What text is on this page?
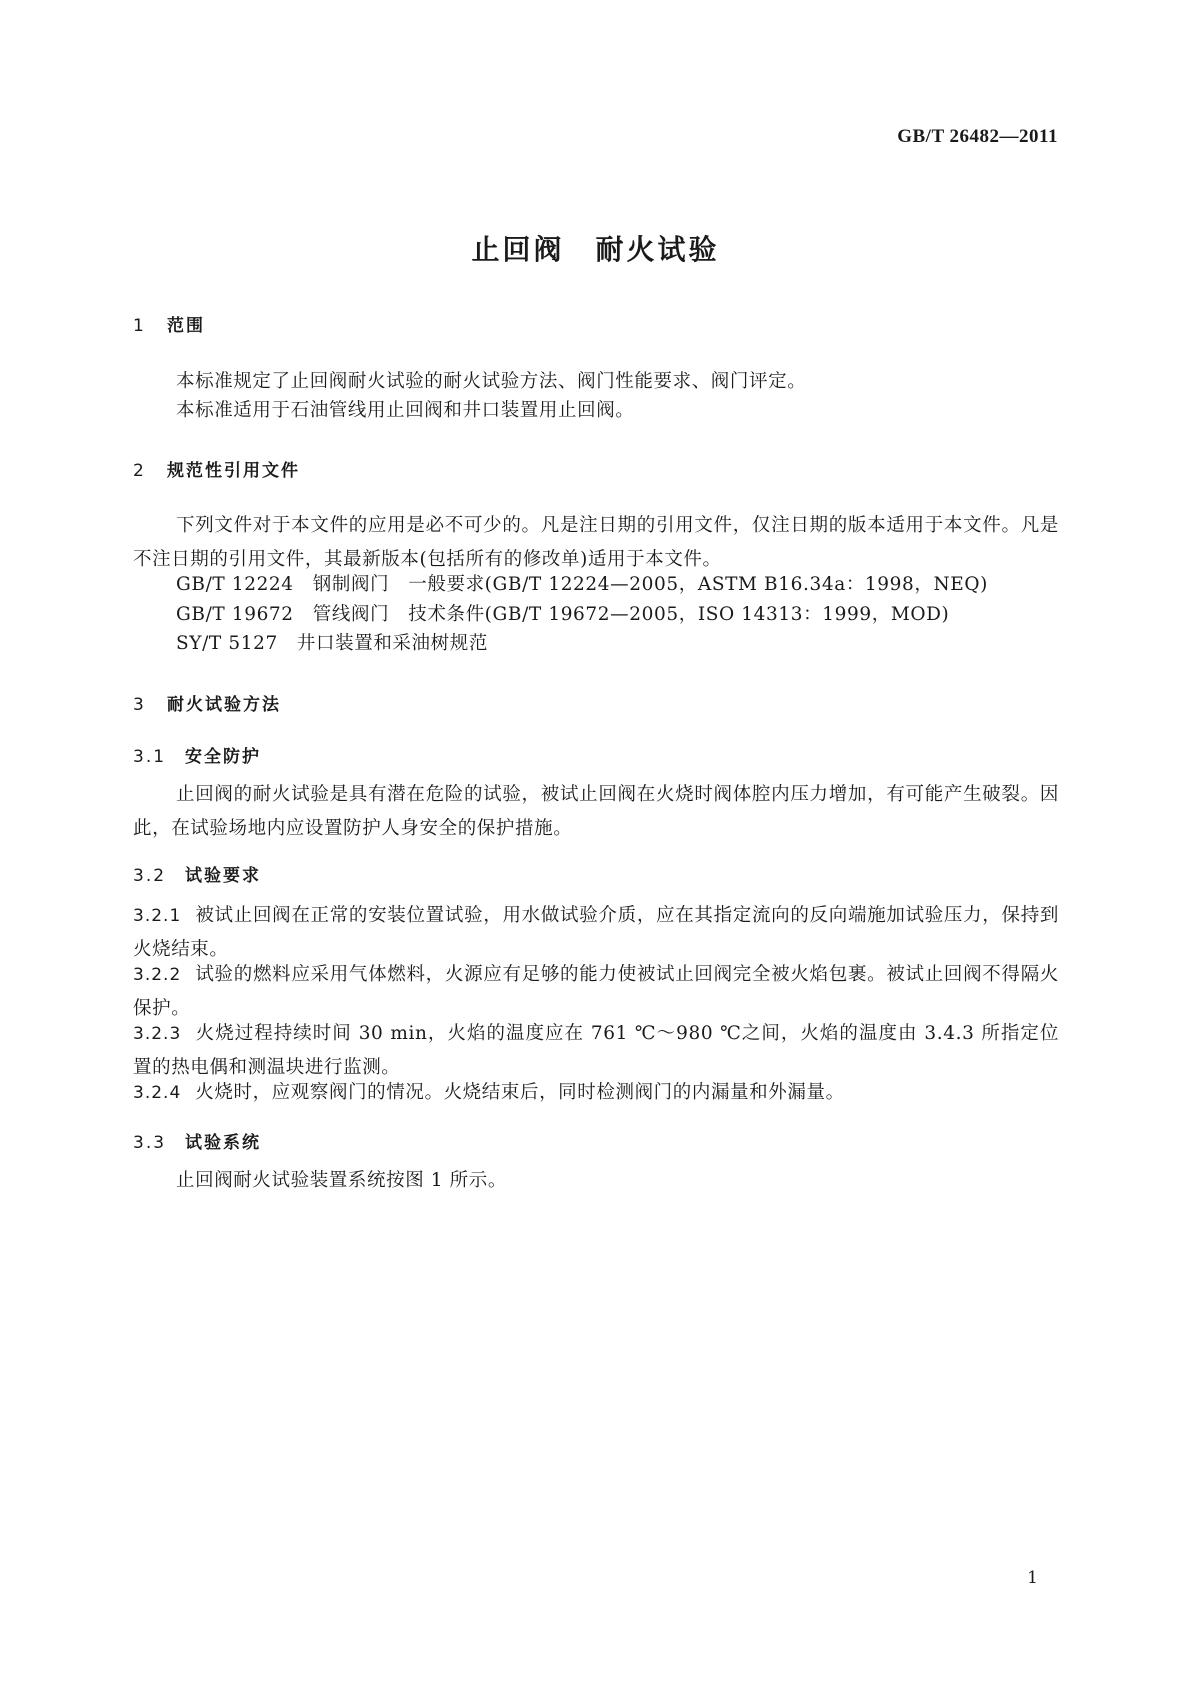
GB/T 26482—2011
止回阀　耐火试验
1 范围
本标准规定了止回阀耐火试验的耐火试验方法、阀门性能要求、阀门评定。
本标准适用于石油管线用止回阀和井口装置用止回阀。
2 规范性引用文件
下列文件对于本文件的应用是必不可少的。凡是注日期的引用文件，仅注日期的版本适用于本文件。凡是不注日期的引用文件，其最新版本(包括所有的修改单)适用于本文件。
GB/T 12224　钢制阀门　一般要求(GB/T 12224—2005，ASTM B16.34a：1998，NEQ)
GB/T 19672　管线阀门　技术条件(GB/T 19672—2005，ISO 14313：1999，MOD)
SY/T 5127　井口装置和采油树规范
3 耐火试验方法
3.1 安全防护
止回阀的耐火试验是具有潜在危险的试验，被试止回阀在火烧时阀体腔内压力增加，有可能产生破裂。因此，在试验场地内应设置防护人身安全的保护措施。
3.2 试验要求
3.2.1 被试止回阀在正常的安装位置试验，用水做试验介质，应在其指定流向的反向端施加试验压力，保持到火烧结束。
3.2.2 试验的燃料应采用气体燃料，火源应有足够的能力使被试止回阀完全被火焰包裹。被试止回阀不得隔火保护。
3.2.3 火烧过程持续时间 30 min，火焰的温度应在 761 ℃～980 ℃之间，火焰的温度由 3.4.3 所指定位置的热电偶和测温块进行监测。
3.2.4 火烧时，应观察阀门的情况。火烧结束后，同时检测阀门的内漏量和外漏量。
3.3 试验系统
止回阀耐火试验装置系统按图 1 所示。
1
